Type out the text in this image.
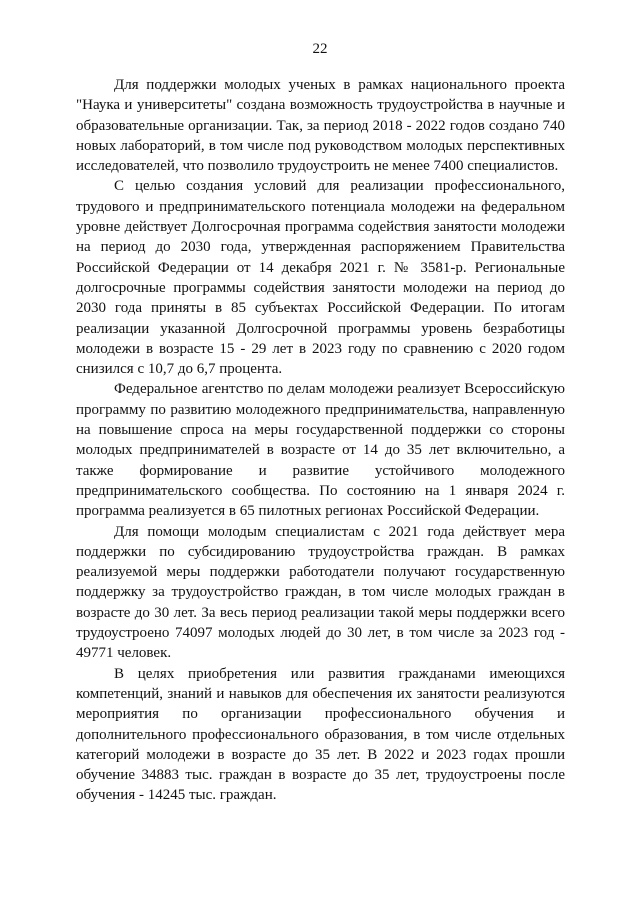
22

Для поддержки молодых ученых в рамках национального проекта "Наука и университеты" создана возможность трудоустройства в научные и образовательные организации. Так, за период 2018 - 2022 годов создано 740 новых лабораторий, в том числе под руководством молодых перспективных исследователей, что позволило трудоустроить не менее 7400 специалистов.

С целью создания условий для реализации профессионального, трудового и предпринимательского потенциала молодежи на федеральном уровне действует Долгосрочная программа содействия занятости молодежи на период до 2030 года, утвержденная распоряжением Правительства Российской Федерации от 14 декабря 2021 г. № 3581-р. Региональные долгосрочные программы содействия занятости молодежи на период до 2030 года приняты в 85 субъектах Российской Федерации. По итогам реализации указанной Долгосрочной программы уровень безработицы молодежи в возрасте 15 - 29 лет в 2023 году по сравнению с 2020 годом снизился с 10,7 до 6,7 процента.

Федеральное агентство по делам молодежи реализует Всероссийскую программу по развитию молодежного предпринимательства, направленную на повышение спроса на меры государственной поддержки со стороны молодых предпринимателей в возрасте от 14 до 35 лет включительно, а также формирование и развитие устойчивого молодежного предпринимательского сообщества. По состоянию на 1 января 2024 г. программа реализуется в 65 пилотных регионах Российской Федерации.

Для помощи молодым специалистам с 2021 года действует мера поддержки по субсидированию трудоустройства граждан. В рамках реализуемой меры поддержки работодатели получают государственную поддержку за трудоустройство граждан, в том числе молодых граждан в возрасте до 30 лет. За весь период реализации такой меры поддержки всего трудоустроено 74097 молодых людей до 30 лет, в том числе за 2023 год - 49771 человек.

В целях приобретения или развития гражданами имеющихся компетенций, знаний и навыков для обеспечения их занятости реализуются мероприятия по организации профессионального обучения и дополнительного профессионального образования, в том числе отдельных категорий молодежи в возрасте до 35 лет. В 2022 и 2023 годах прошли обучение 34883 тыс. граждан в возрасте до 35 лет, трудоустроены после обучения - 14245 тыс. граждан.
